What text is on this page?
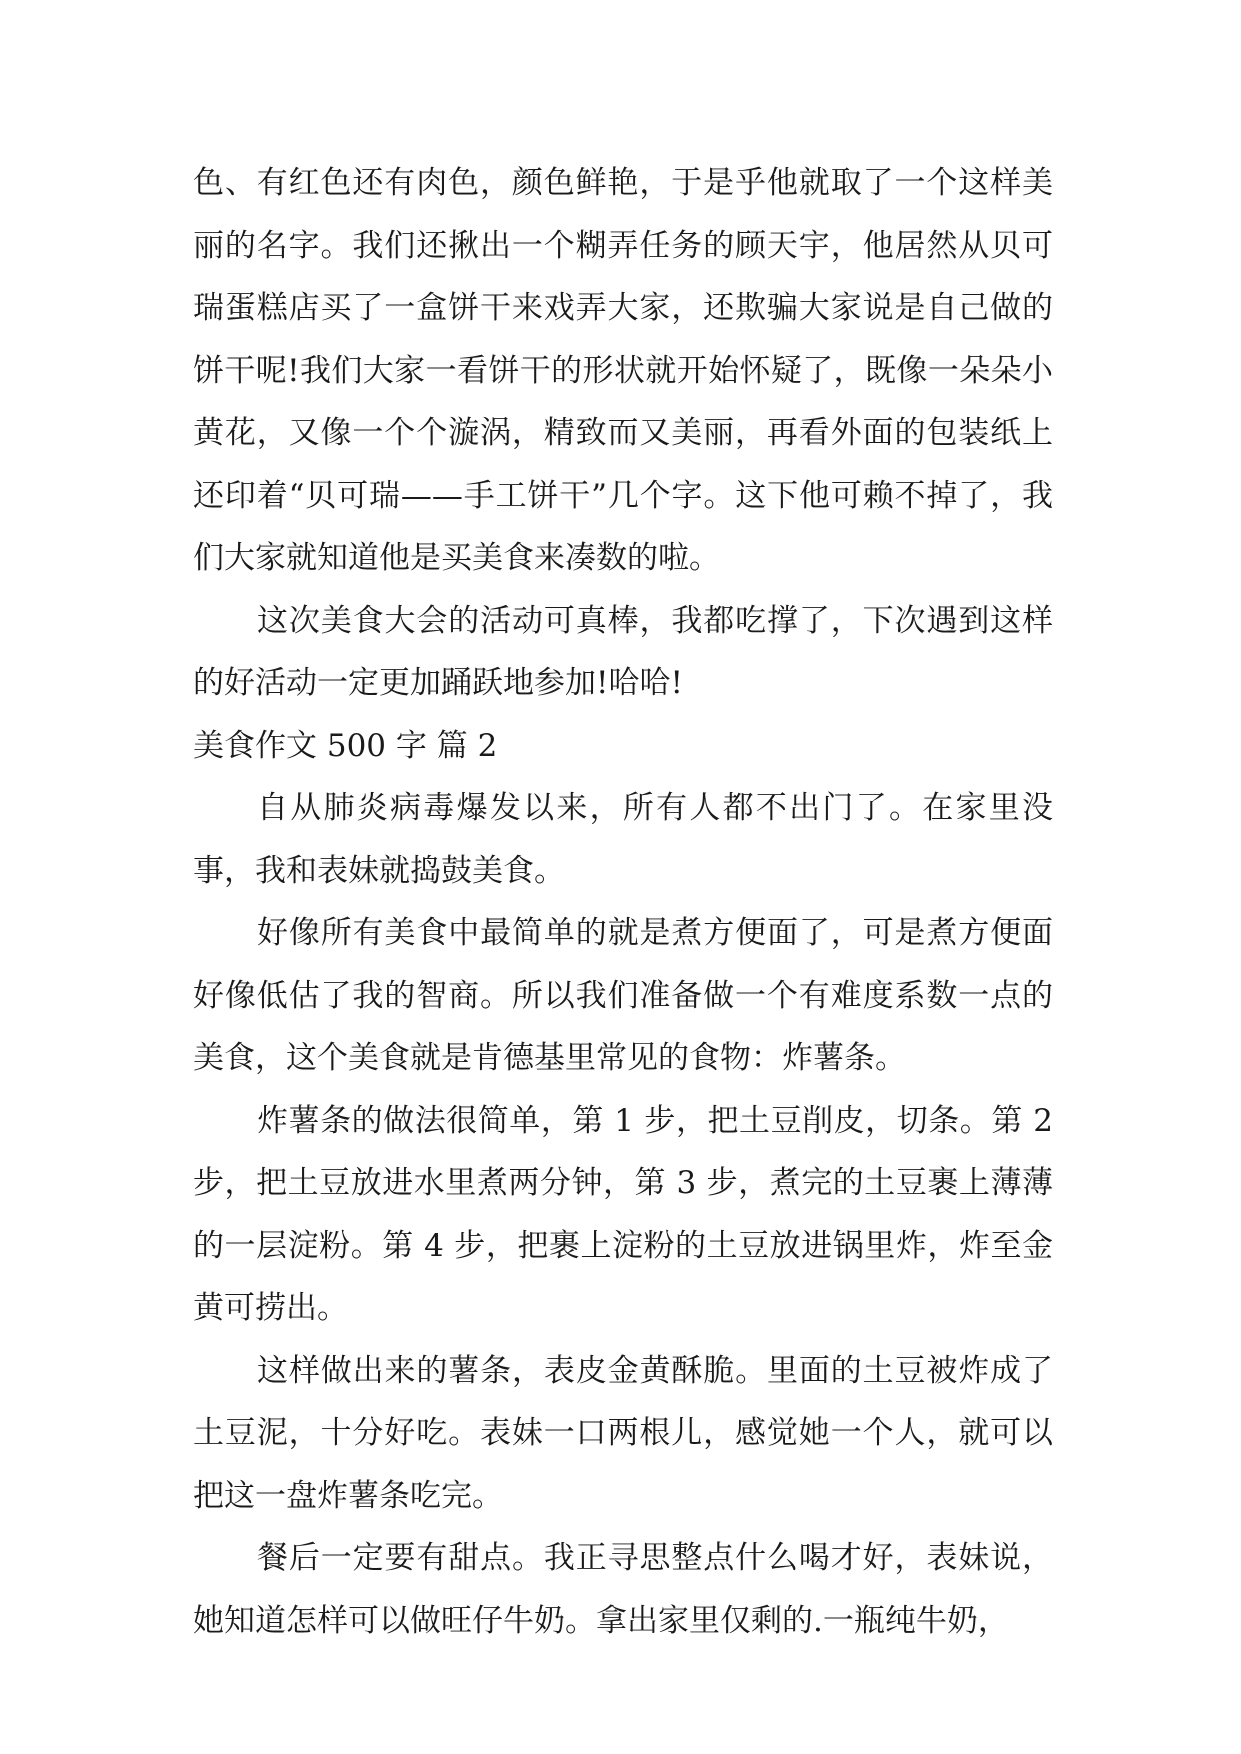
色、有红色还有肉色，颜色鲜艳，于是乎他就取了一个这样美丽的名字。我们还揪出一个糊弄任务的顾天宇，他居然从贝可瑞蛋糕店买了一盒饼干来戏弄大家，还欺骗大家说是自己做的饼干呢!我们大家一看饼干的形状就开始怀疑了，既像一朵朵小黄花，又像一个个漩涡，精致而又美丽，再看外面的包装纸上还印着“贝可瑞——手工饼干”几个字。这下他可赖不掉了，我们大家就知道他是买美食来凑数的啦。

这次美食大会的活动可真棒，我都吃撑了，下次遇到这样的好活动一定更加踊跃地参加!哈哈!

美食作文 500 字 篇 2

自从肺炎病毒爆发以来，所有人都不出门了。在家里没事，我和表妹就捣鼓美食。

好像所有美食中最简单的就是煮方便面了，可是煮方便面好像低估了我的智商。所以我们准备做一个有难度系数一点的美食，这个美食就是肯德基里常见的食物：炸薯条。

炸薯条的做法很简单，第 1 步，把土豆削皮，切条。第 2 步，把土豆放进水里煮两分钟，第 3 步，煮完的土豆裹上薄薄的一层淀粉。第 4 步，把裹上淀粉的土豆放进锅里炸，炸至金黄可捞出。

这样做出来的薯条，表皮金黄酥脆。里面的土豆被炸成了土豆泥，十分好吃。表妹一口两根儿，感觉她一个人，就可以把这一盘炸薯条吃完。

餐后一定要有甜点。我正寻思整点什么喝才好，表妹说，她知道怎样可以做旺仔牛奶。拿出家里仅剩的.一瓶纯牛奶，
